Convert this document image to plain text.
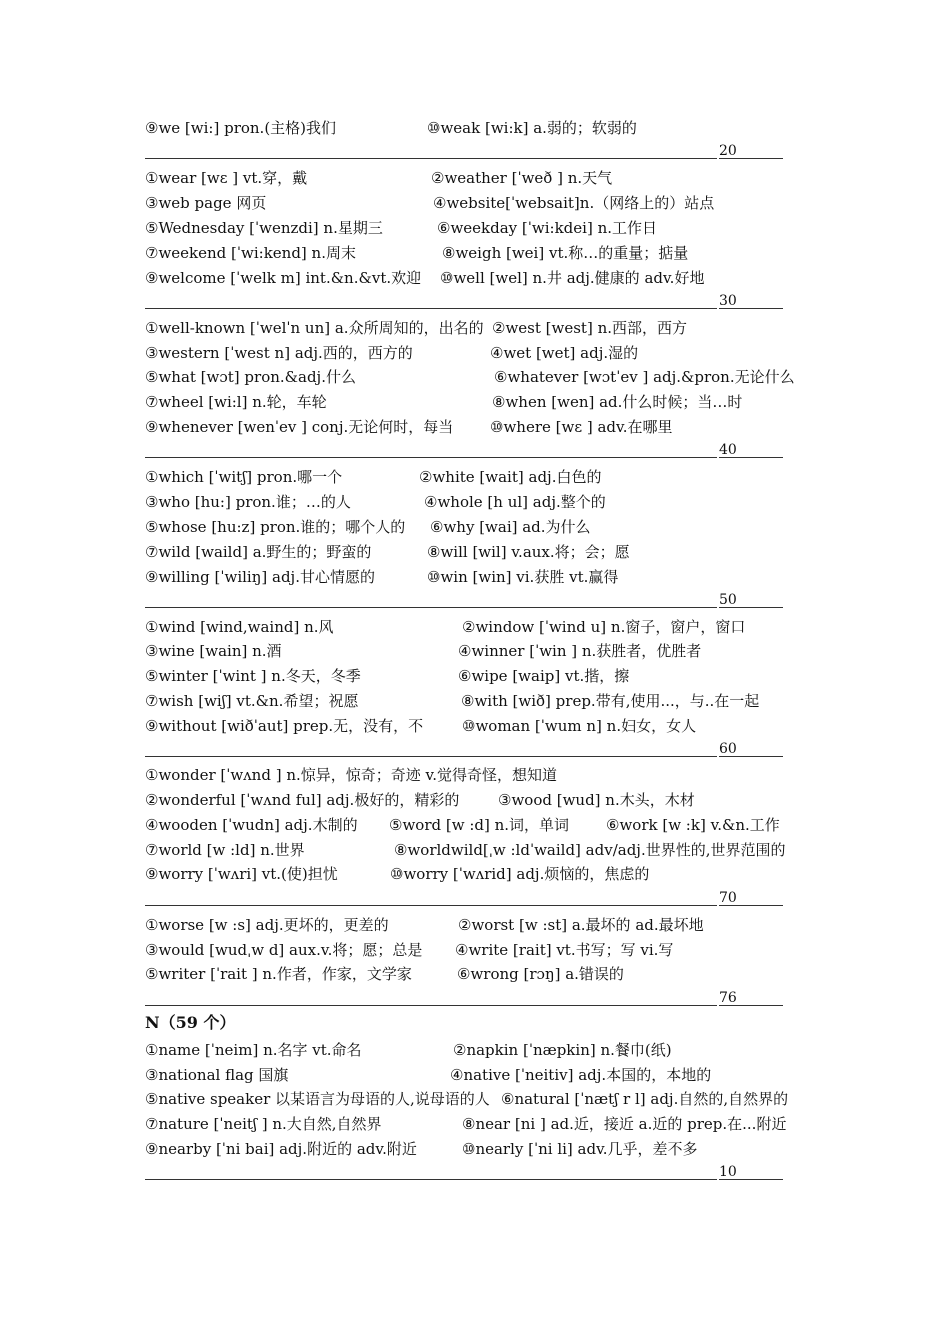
⑨we [wi:] pron.(主格)我们	⑩weak [wi:k] a.弱的；软弱的
20
①wear [wɛ ] vt.穿，戴	②weather [ˈweð ] n.天气
③web page 网页	④website[ˈwebsait]n.（网络上的）站点
⑤Wednesday [ˈwenzdi] n.星期三	⑥weekday [ˈwi:kdei] n.工作日
⑦weekend [ˈwi:kend] n.周末	⑧weigh [wei] vt.称…的重量；掂量
⑨welcome [ˈwelk m] int.&n.&vt.欢迎 ⑩well [wel] n.井 adj.健康的 adv.好地
30
①well-known [ˈwelˈn un] a.众所周知的，出名的 ②west [west] n.西部，西方
③western [ˈwest n] adj.西的，西方的	④wet [wet] adj.湿的
⑤what [wɔt] pron.&adj.什么	⑥whatever [wɔtˈev ] adj.&pron.无论什么
⑦wheel [wi:l] n.轮，车轮	⑧when [wen] ad.什么时候；当…时
⑨whenever [wenˈev ] conj.无论何时，每当 ⑩where [wɛ ] adv.在哪里
40
①which [ˈwitʃ] pron.哪一个	②white [wait] adj.白色的
③who [hu:] pron.谁；…的人	④whole [h ul] adj.整个的
⑤whose [hu:z] pron.谁的；哪个人的 ⑥why [wai] ad.为什么
⑦wild [waild] a.野生的；野蛮的	⑧will [wil] v.aux.将；会；愿
⑨willing [ˈwiliŋ] adj.甘心情愿的	⑩win [win] vi.获胜 vt.赢得
50
①wind [wind,waind] n.风	②window [ˈwind u] n.窗子，窗户，窗口
③wine [wain] n.酒	④winner [ˈwin ] n.获胜者，优胜者
⑤winter [ˈwint ] n.冬天，冬季	⑥wipe [waip] vt.揩，擦
⑦wish [wiʃ] vt.&n.希望；祝愿	⑧with [wið] prep.带有,使用...，与..在一起
⑨without [wiðˈaut] prep.无，没有，不	⑩woman [ˈwum n] n.妇女，女人
60
①wonder [ˈwʌnd ] n.惊异，惊奇；奇迹 v.觉得奇怪，想知道
②wonderful [ˈwʌnd ful] adj.极好的，精彩的	③wood [wud] n.木头，木材
④wooden [ˈwudn] adj.木制的 ⑤word [w :d] n.词，单词 ⑥work [w :k] v.&n.工作
⑦world [w :ld] n.世界	⑧worldwild[ˌw :ldˈwaild] adv/adj.世界性的,世界范围的
⑨worry [ˈwʌri] vt.(使)担忧	⑩worry [ˈwʌrid] adj.烦恼的，焦虑的
70
①worse [w :s] adj.更坏的，更差的	②worst [w :st] a.最坏的 ad.最坏地
③would [wudˌw d] aux.v.将；愿；总是 ④write [rait] vt.书写；写 vi.写
⑤writer [ˈrait ] n.作者，作家，文学家	⑥wrong [rɔŋ] a.错误的
76
N（59 个）
①name [ˈneim] n.名字 vt.命名	②napkin [ˈnæpkin] n.餐巾(纸)
③national flag 国旗	④native [ˈneitiv] adj.本国的，本地的
⑤native speaker 以某语言为母语的人,说母语的人 ⑥natural [ˈnætʃ r l] adj.自然的,自然界的
⑦nature [ˈneitʃ ] n.大自然,自然界	⑧near [ni ] ad.近，接近 a.近的 prep.在...附近
⑨nearby [ˈni bai] adj.附近的 adv.附近	⑩nearly [ˈni li] adv.几乎，差不多
10
